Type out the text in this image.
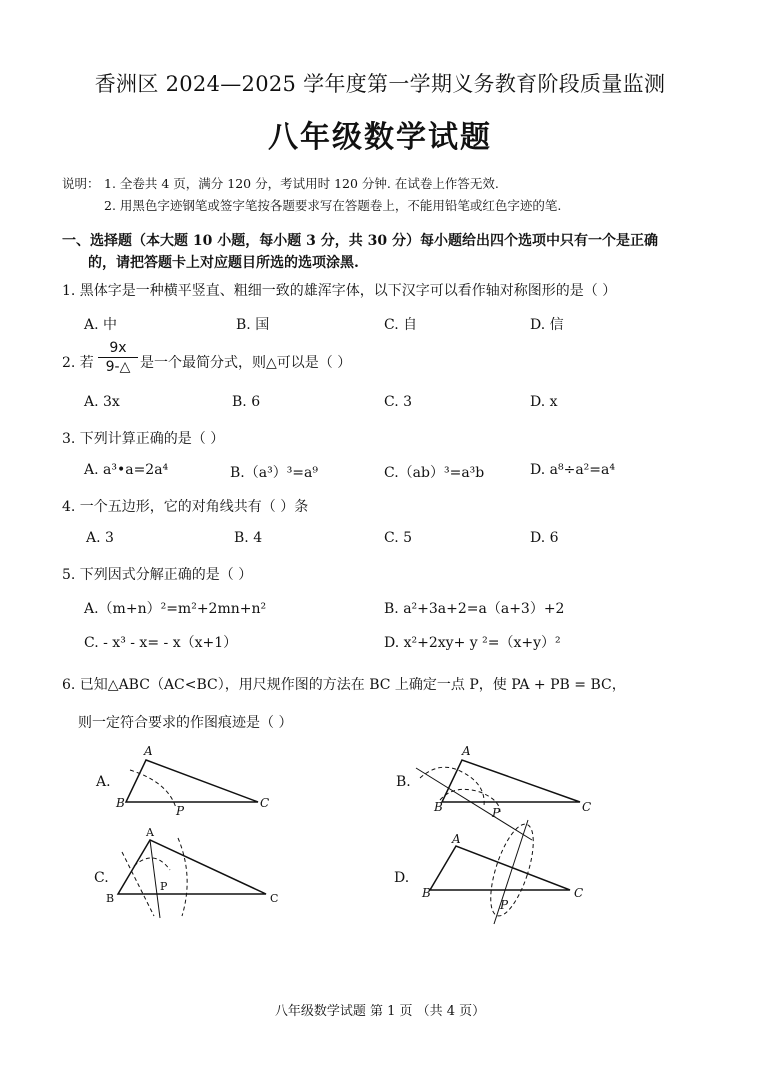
香洲区 2024—2025 学年度第一学期义务教育阶段质量监测
八年级数学试题
说明： 1. 全卷共 4 页，满分 120 分，考试用时 120 分钟. 在试卷上作答无效.
2. 用黑色字迹钢笔或签字笔按各题要求写在答题卷上，不能用铅笔或红色字迹的笔.
一、选择题（本大题 10 小题，每小题 3 分，共 30 分）每小题给出四个选项中只有一个是正确
的，请把答题卡上对应题目所选的选项涂黑.
1. 黑体字是一种横平竖直、粗细一致的雄浑字体，以下汉字可以看作轴对称图形的是（ ）
A. 中	B. 国	C. 自	D. 信
2. 若
9x
9-△ 是一个最简分式，则△可以是（ ）
A. 3x	B. 6	C. 3	D. x
3. 下列计算正确的是（ ）
A. a³•a=2a⁴	B.（a³）³=a⁹	C.（ab）³=a³b	D. a⁸÷a²=a⁴
4. 一个五边形，它的对角线共有（ ）条
A. 3	B. 4	C. 5	D. 6
5. 下列因式分解正确的是（ ）
A.（m+n）²=m²+2mn+n²	B. a²+3a+2=a（a+3）+2
C. - x³ - x= - x（x+1）	D. x²+2xy+ y ²=（x+y）²
6. 已知△ABC（AC<BC），用尺规作图的方法在 BC 上确定一点 P，使 PA + PB = BC，
则一定符合要求的作图痕迹是（ ）
A.	B.
C.	D.
A
B	C
P
A
B	C
P
A
B	C
P
A
B	C
P
八年级数学试题 第 1 页 （共 4 页）
